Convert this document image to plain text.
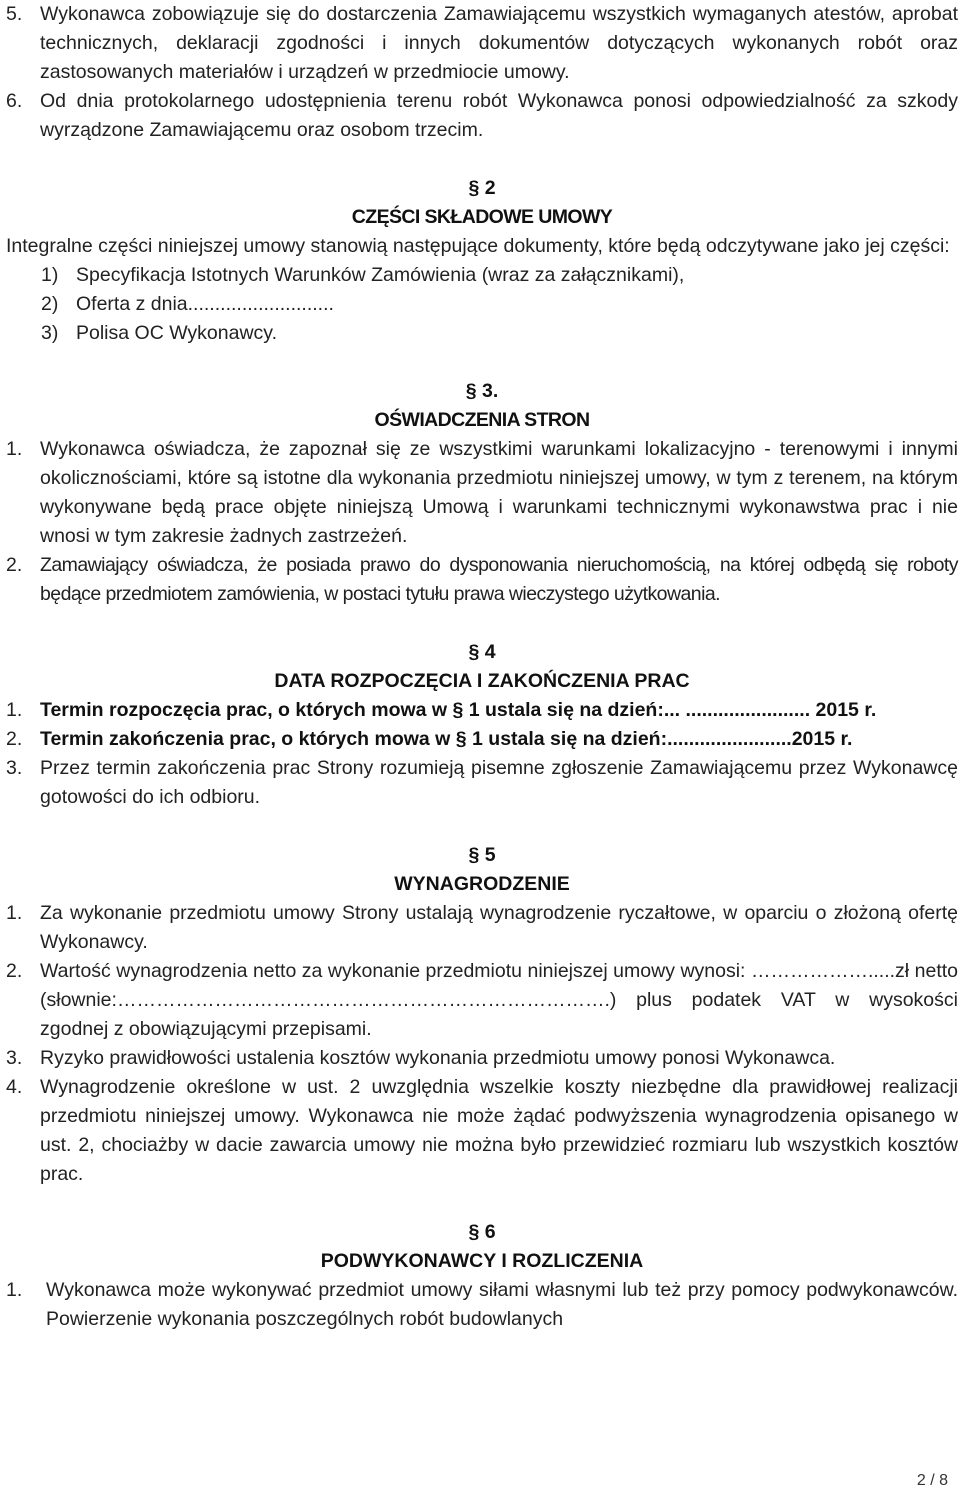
5. Wykonawca zobowiązuje się do dostarczenia Zamawiającemu wszystkich wymaganych atestów, aprobat technicznych, deklaracji zgodności i innych dokumentów dotyczących wykonanych robót oraz zastosowanych materiałów i urządzeń w przedmiocie umowy.
6. Od dnia protokolarnego udostępnienia terenu robót Wykonawca ponosi odpowiedzialność za szkody wyrządzone Zamawiającemu oraz osobom trzecim.
§ 2
CZĘŚCI SKŁADOWE UMOWY
Integralne części niniejszej umowy stanowią następujące dokumenty, które będą odczytywane jako jej części:
1) Specyfikacja Istotnych Warunków Zamówienia (wraz za załącznikami),
2) Oferta z dnia...........................
3) Polisa OC Wykonawcy.
§ 3.
OŚWIADCZENIA STRON
1. Wykonawca oświadcza, że zapoznał się ze wszystkimi warunkami lokalizacyjno - terenowymi i innymi okolicznościami, które są istotne dla wykonania przedmiotu niniejszej umowy, w tym z terenem, na którym wykonywane będą prace objęte niniejszą Umową i warunkami technicznymi wykonawstwa prac i nie wnosi w tym zakresie żadnych zastrzeżeń.
2. Zamawiający oświadcza, że posiada prawo do dysponowania nieruchomością, na której odbędą się roboty będące przedmiotem zamówienia, w postaci tytułu prawa wieczystego użytkowania.
§ 4
DATA ROZPOCZĘCIA I ZAKOŃCZENIA PRAC
1. Termin rozpoczęcia prac, o których mowa w § 1 ustala się na dzień:... ....................... 2015 r.
2. Termin zakończenia prac, o których mowa w § 1 ustala się na dzień:.......................2015 r.
3. Przez termin zakończenia prac Strony rozumieją pisemne zgłoszenie Zamawiającemu przez Wykonawcę gotowości do ich odbioru.
§ 5
WYNAGRODZENIE
1. Za wykonanie przedmiotu umowy Strony ustalają wynagrodzenie ryczałtowe, w oparciu o złożoną ofertę Wykonawcy.
2. Wartość wynagrodzenia netto za wykonanie przedmiotu niniejszej umowy wynosi: ……………….....zł netto (słownie:………………………………………………………………….) plus podatek VAT w wysokości zgodnej z obowiązującymi przepisami.
3. Ryzyko prawidłowości ustalenia kosztów wykonania przedmiotu umowy ponosi Wykonawca.
4. Wynagrodzenie określone w ust. 2 uwzględnia wszelkie koszty niezbędne dla prawidłowej realizacji przedmiotu niniejszej umowy. Wykonawca nie może żądać podwyższenia wynagrodzenia opisanego w ust. 2, chociażby w dacie zawarcia umowy nie można było przewidzieć rozmiaru lub wszystkich kosztów prac.
§ 6
PODWYKONAWCY I ROZLICZENIA
1.	Wykonawca może wykonywać przedmiot umowy siłami własnymi lub też przy pomocy podwykonawców. Powierzenie wykonania poszczególnych robót budowlanych
2 / 8
